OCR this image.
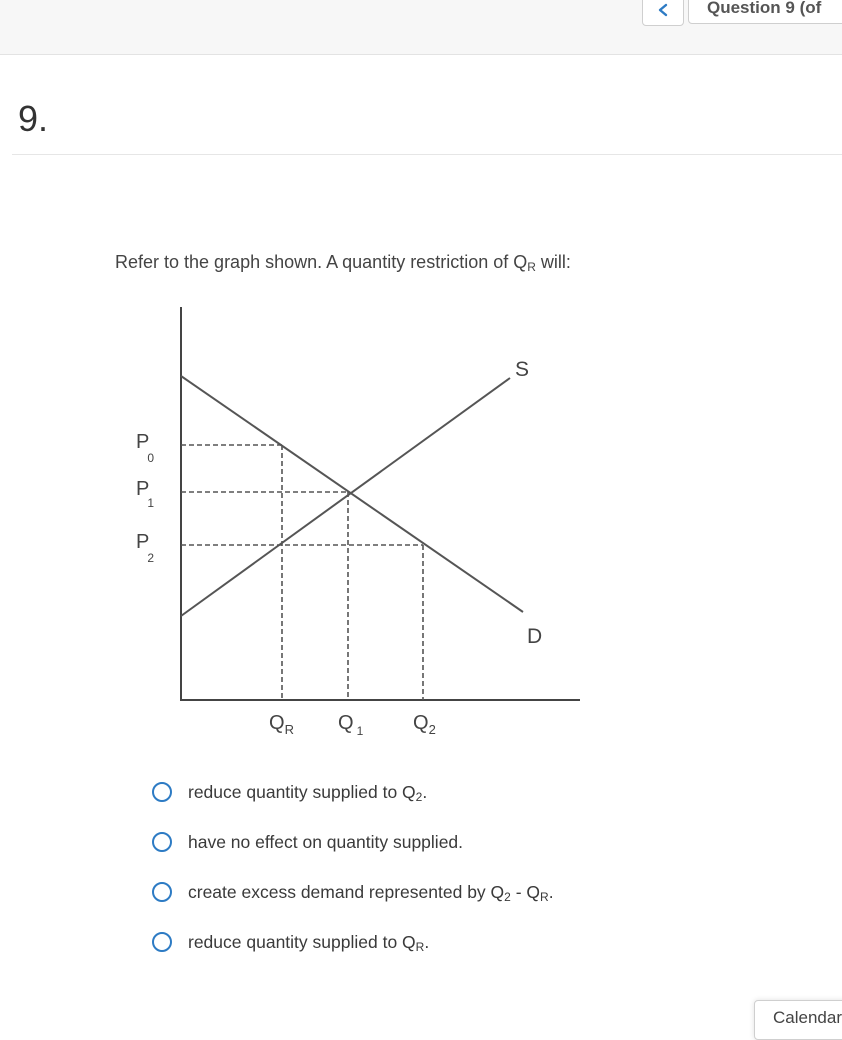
Question 9 (of
9.
Refer to the graph shown. A quantity restriction of $Q_R$ will:
S
D
P 0
P 1
P 2
$Q_R$ Q $_1$ $Q_2$
reduce quantity supplied to $Q_2$.
have no effect on quantity supplied.
create excess demand represented by $Q_2 - Q_R$.
reduce quantity supplied to $Q_R$.
Calendar
